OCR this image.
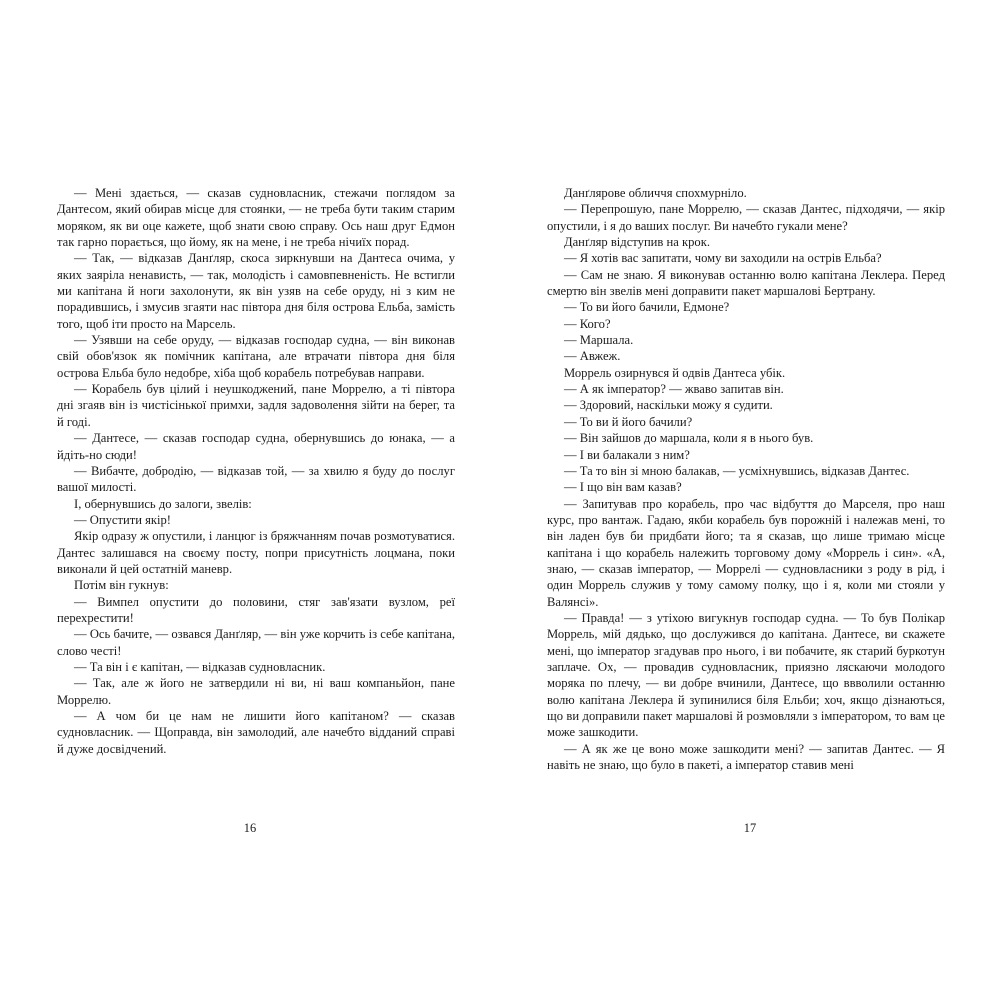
— Мені здається, — сказав судновласник, стежачи поглядом за Дантесом, який обирав місце для стоянки, — не треба бути таким старим моряком, як ви оце кажете, щоб знати свою справу. Ось наш друг Едмон так гарно порається, що йому, як на мене, і не треба нічиїх порад.

— Так, — відказав Данґляр, скоса зиркнувши на Дантеса очима, у яких заяріла ненависть, — так, молодість і самовпевненість. Не встигли ми капітана й ноги захолонути, як він узяв на себе оруду, ні з ким не порадившись, і змусив згаяти нас півтора дня біля острова Ельба, замість того, щоб іти просто на Марсель.

— Узявши на себе оруду, — відказав господар судна, — він виконав свій обов'язок як помічник капітана, але втрачати півтора дня біля острова Ельба було недобре, хіба щоб корабель потребував направи.

— Корабель був цілий і неушкоджений, пане Моррелю, а ті півтора дні згаяв він із чистісінької примхи, задля задоволення зійти на берег, та й годі.

— Дантесе, — сказав господар судна, обернувшись до юнака, — а йдіть-но сюди!

— Вибачте, добродію, — відказав той, — за хвилю я буду до послуг вашої милості.

І, обернувшись до залоги, звелів:

— Опустити якір!

Якір одразу ж опустили, і ланцюг із бряжчанням почав розмотуватися. Дантес залишався на своєму посту, попри присутність лоцмана, поки виконали й цей остатній маневр.

Потім він гукнув:

— Вимпел опустити до половини, стяг зав'язати вузлом, реї перехрестити!

— Ось бачите, — озвався Данґляр, — він уже корчить із себе капітана, слово честі!

— Та він і є капітан, — відказав судновласник.

— Так, але ж його не затвердили ні ви, ні ваш компаньйон, пане Моррелю.

— А чом би це нам не лишити його капітаном? — сказав судновласник. — Щоправда, він замолодий, але начебто відданий справі й дуже досвідчений.

16

Данґлярове обличчя спохмурніло.

— Перепрошую, пане Моррелю, — сказав Дантес, підходячи, — якір опустили, і я до ваших послуг. Ви начебто гукали мене?

Данґляр відступив на крок.

— Я хотів вас запитати, чому ви заходили на острів Ельба?

— Сам не знаю. Я виконував останню волю капітана Леклера. Перед смертю він звелів мені доправити пакет маршалові Бертрану.

— То ви його бачили, Едмоне?

— Кого?

— Маршала.

— Авжеж.

Моррель озирнувся й одвів Дантеса убік.

— А як імператор? — жваво запитав він.

— Здоровий, наскільки можу я судити.

— То ви й його бачили?

— Він зайшов до маршала, коли я в нього був.

— І ви балакали з ним?

— Та то він зі мною балакав, — усміхнувшись, відказав Дантес.

— І що він вам казав?

— Запитував про корабель, про час відбуття до Марселя, про наш курс, про вантаж. Гадаю, якби корабель був порожній і належав мені, то він ладен був би придбати його; та я сказав, що лише тримаю місце капітана і що корабель належить торговому дому «Моррель і син». «А, знаю, — сказав імператор, — Моррелі — судновласники з роду в рід, і один Моррель служив у тому самому полку, що і я, коли ми стояли у Валянсі».

— Правда! — з утіхою вигукнув господар судна. — То був Полікар Моррель, мій дядько, що дослужився до капітана. Дантесе, ви скажете мені, що імператор згадував про нього, і ви побачите, як старий буркотун заплаче. Ох, — провадив судновласник, приязно ляскаючи молодого моряка по плечу, — ви добре вчинили, Дантесе, що ввволили останню волю капітана Леклера й зупинилися біля Ельби; хоч, якщо дізнаються, що ви доправили пакет маршалові й розмовляли з імператором, то вам це може зашкодити.

— А як же це воно може зашкодити мені? — запитав Дантес. — Я навіть не знаю, що було в пакеті, а імператор ставив мені

17
